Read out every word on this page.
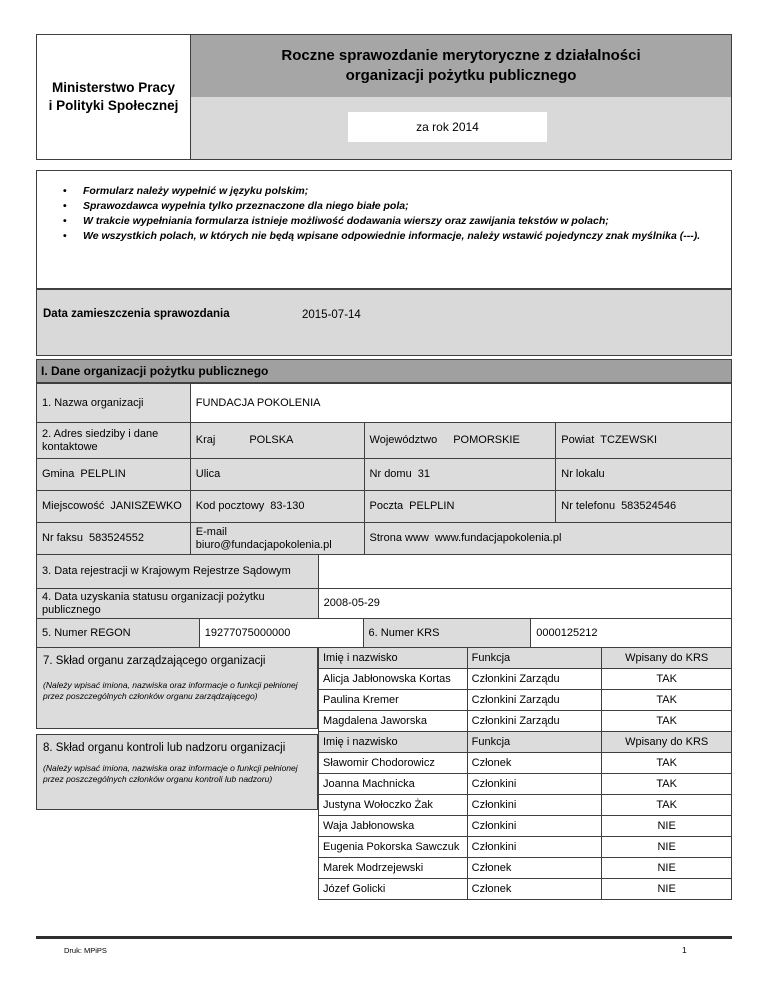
Ministerstwo Pracy
i Polityki Społecznej
Roczne sprawozdanie merytoryczne z działalności organizacji pożytku publicznego
za rok 2014
•	Formularz należy wypełnić w języku polskim;
•	Sprawozdawca wypełnia tylko przeznaczone dla niego białe pola;
•	W trakcie wypełniania formularza istnieje możliwość dodawania wierszy oraz zawijania tekstów w polach;
•	We wszystkich polach, w których nie będą wpisane odpowiednie informacje, należy wstawić pojedynczy znak myślnika (---).
Data zamieszczenia sprawozdania	2015-07-14
I. Dane organizacji pożytku publicznego
1. Nazwa organizacji	FUNDACJA POKOLENIA
2. Adres siedziby i dane kontaktowe
Kraj	POLSKA	Województwo POMORSKIE	Powiat TCZEWSKI
Gmina PELPLIN	Ulica	Nr domu 31	Nr lokalu
Miejscowość JANISZEWKO Kod pocztowy 83-130	Poczta PELPLIN	Nr telefonu 583524546
Nr faksu 583524552	E-mail
biuro@fundacjapokolenia.pl
Strona www www.fundacjapokolenia.pl
3. Data rejestracji w Krajowym Rejestrze Sądowym
4. Data uzyskania statusu organizacji pożytku publicznego
2008-05-29
5. Numer REGON	19277075000000	6. Numer KRS	0000125212
7. Skład organu zarządzającego organizacji
(Należy wpisać imiona, nazwiska oraz informacje o funkcji pełnionej przez poszczególnych członków organu zarządzającego)
8. Skład organu kontroli lub nadzoru organizacji
(Należy wpisać imiona, nazwiska oraz informacje o funkcji pełnionej przez poszczególnych członków organu kontroli lub nadzoru)
Imię i nazwisko	Funkcja	Wpisany do KRS
Alicja Jabłonowska Kortas	Członkini Zarządu	TAK
Paulina Kremer	Członkini Zarządu	TAK
Magdalena Jaworska	Członkini Zarządu	TAK
Imię i nazwisko	Funkcja	Wpisany do KRS
Sławomir Chodorowicz	Członek	TAK
Joanna Machnicka	Członkini	TAK
Justyna Wołoczko Żak	Członkini	TAK
Waja Jabłonowska	Członkini	NIE
Eugenia Pokorska Sawczuk	Członkini	NIE
Marek Modrzejewski	Członek	NIE
Józef Golicki	Członek	NIE
Druk: MPiPS	1
